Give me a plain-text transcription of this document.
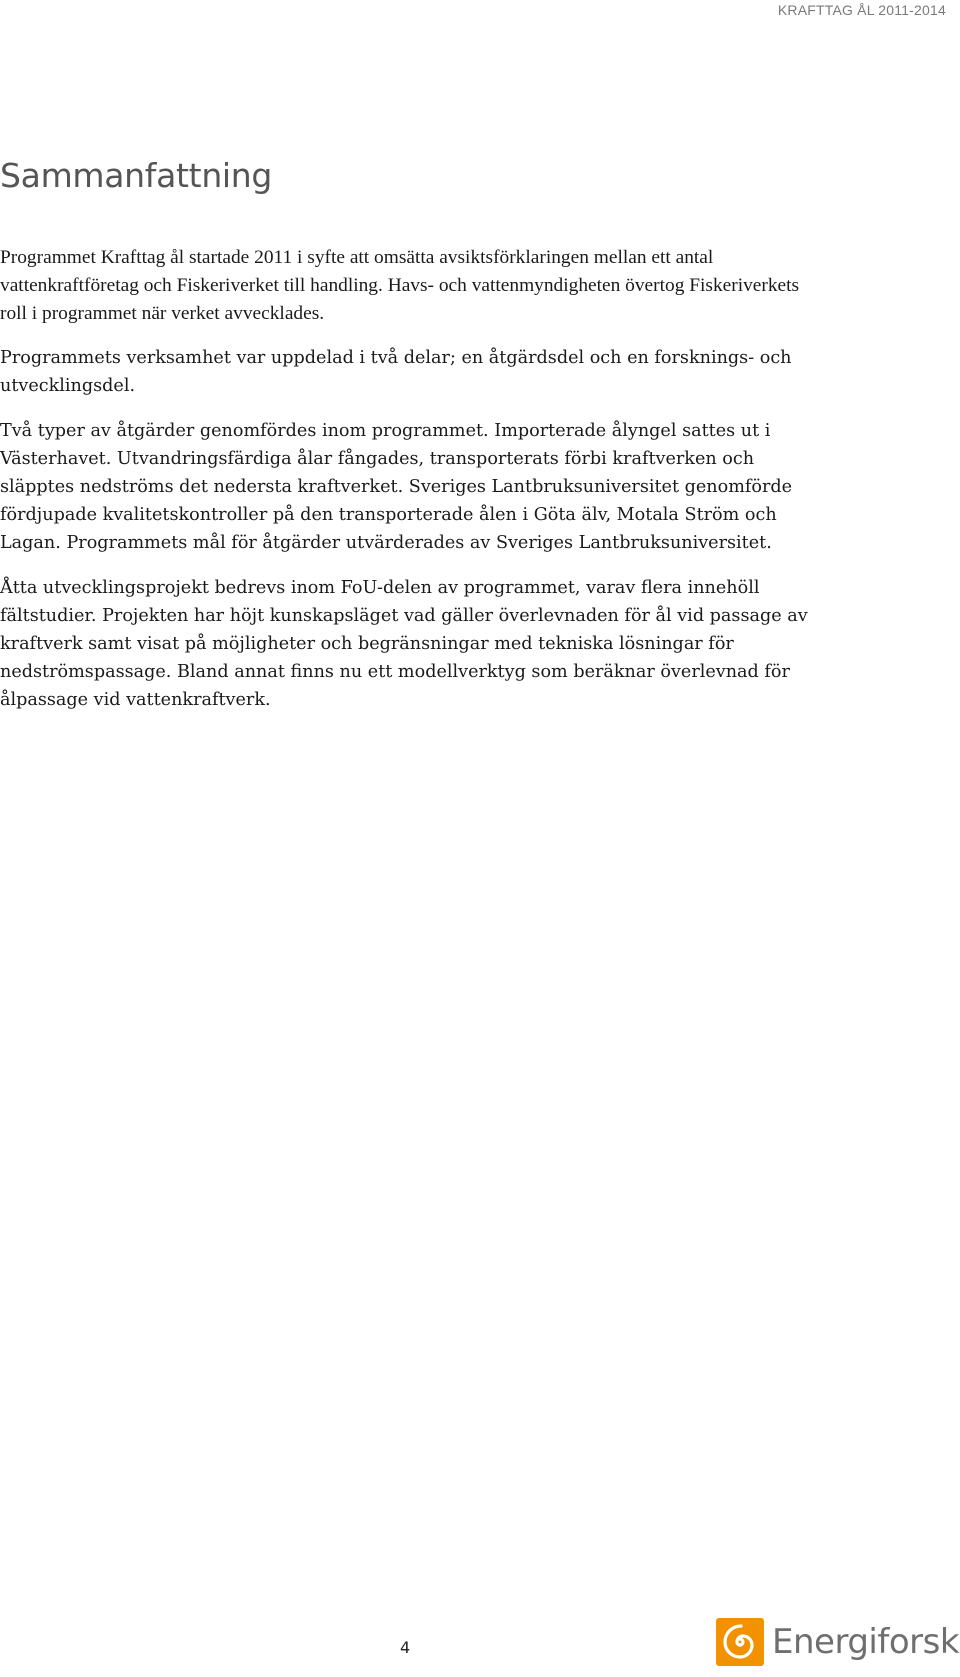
KRAFTTAG ÅL 2011-2014
Sammanfattning

Programmet Krafttag ål startade 2011 i syfte att omsätta avsiktsförklaringen mellan ett antal vattenkraftföretag och Fiskeriverket till handling. Havs- och vattenmyndigheten övertog Fiskeriverkets roll i programmet när verket avvecklades.

Programmets verksamhet var uppdelad i två delar; en åtgärdsdel och en forsknings- och utvecklingsdel.

Två typer av åtgärder genomfördes inom programmet. Importerade ålyngel sattes ut i Västerhavet. Utvandringsfärdiga ålar fångades, transporterats förbi kraftverken och släpptes nedströms det nedersta kraftverket. Sveriges Lantbruksuniversitet genomförde fördjupade kvalitetskontroller på den transporterade ålen i Göta älv, Motala Ström och Lagan. Programmets mål för åtgärder utvärderades av Sveriges Lantbruksuniversitet.

Åtta utvecklingsprojekt bedrevs inom FoU-delen av programmet, varav flera innehöll fältstudier. Projekten har höjt kunskapsläget vad gäller överlevnaden för ål vid passage av kraftverk samt visat på möjligheter och begränsningar med tekniska lösningar för nedströmspassage. Bland annat finns nu ett modellverktyg som beräknar överlevnad för ålpassage vid vattenkraftverk.

4	Energiforsk
